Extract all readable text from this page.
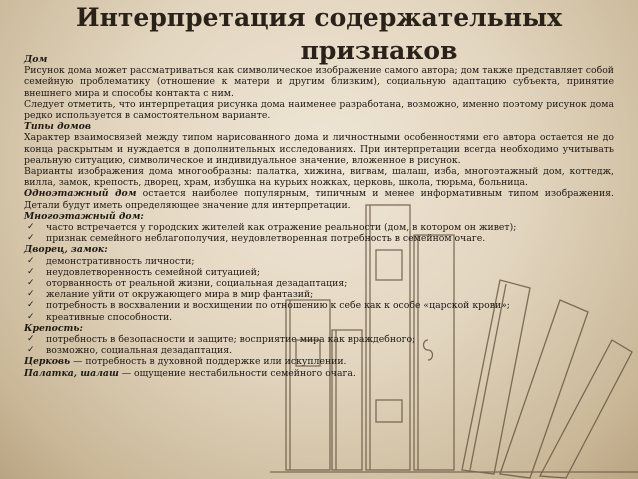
Интерпретация содержательных
признаков

Дом

Рисунок дома может рассматриваться как символическое изображение самого автора; дом также представляет собой семейную проблематику (отношение к матери и другим близким), социальную адаптацию субъекта, принятие внешнего мира и способы контакта с ним.

Следует отметить, что интерпретация рисунка дома наименее разработана, возможно, именно поэтому рисунок дома редко используется в самостоятельном варианте.

Типы домов

Характер взаимосвязей между типом нарисованного дома и личностными особенностями его автора остается не до конца раскрытым и нуждается в дополнительных исследованиях. При интерпретации всегда необходимо учитывать реальную ситуацию, символическое и индивидуальное значение, вложенное в рисунок.

Варианты изображения дома многообразны: палатка, хижина, вигвам, шалаш, изба, многоэтажный дом, коттедж, вилла, замок, крепость, дворец, храм, избушка на курьих ножках, церковь, школа, тюрьма, больница.

Одноэтажный дом остается наиболее популярным, типичным и менее информативным типом изображения. Детали будут иметь определяющее значение для интерпретации.

Многоэтажный дом:

✓ часто встречается у городских жителей как отражение реальности (дом, в котором он живет);
✓ признак семейного неблагополучия, неудовлетворенная потребность в семейном очаге.

Дворец, замок:

✓ демонстративность личности;
✓ неудовлетворенность семейной ситуацией;
✓ оторванность от реальной жизни, социальная дезадаптация;
✓ желание уйти от окружающего мира в мир фантазий;
✓ потребность в восхвалении и восхищении по отношению к себе как к особе «царской крови»;
✓ креативные способности.

Крепость:

✓ потребность в безопасности и защите; восприятие мира как враждебного;
✓ возможно, социальная дезадаптация.

Церковь — потребность в духовной поддержке или искуплении.

Палатка, шалаш — ощущение нестабильности семейного очага.
